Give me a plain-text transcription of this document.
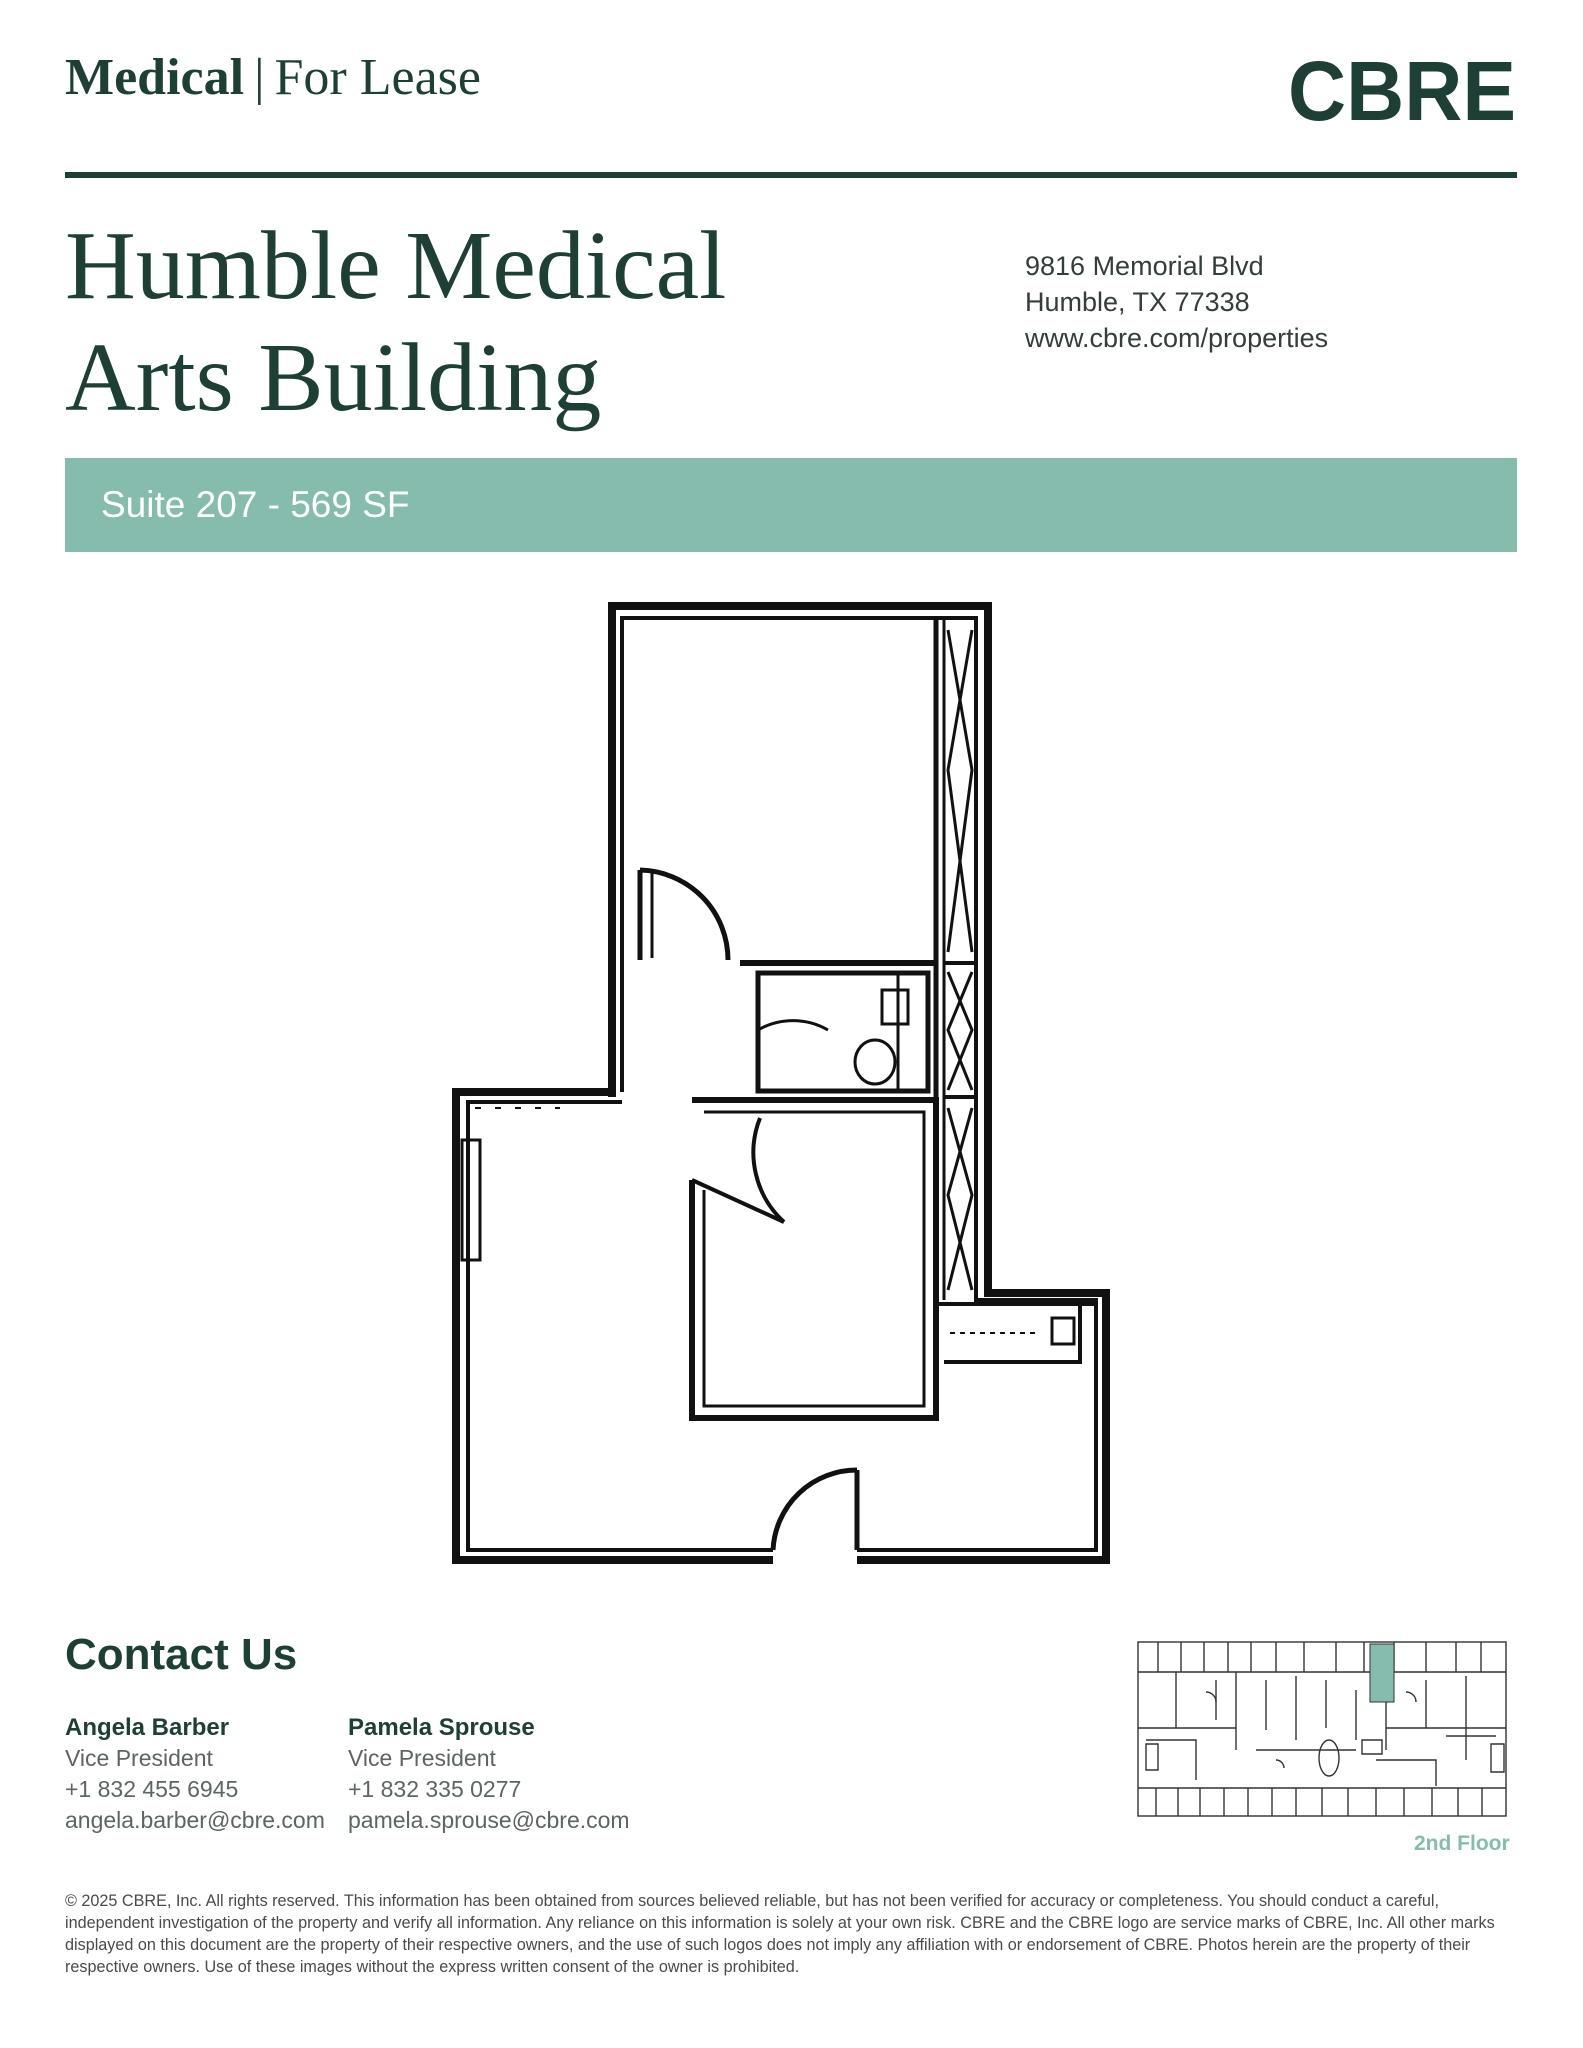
Medical | For Lease	CBRE
Humble Medical
Arts Building
9816 Memorial Blvd
Humble, TX 77338
www.cbre.com/properties
Suite 207 - 569 SF
Contact Us
Angela Barber
Vice President
+1 832 455 6945
angela.barber@cbre.com
Pamela Sprouse
Vice President
+1 832 335 0277
pamela.sprouse@cbre.com
2nd Floor
© 2025 CBRE, Inc. All rights reserved. This information has been obtained from sources believed reliable, but has not been verified for accuracy or completeness. You should conduct a careful, independent investigation of the property and verify all information. Any reliance on this information is solely at your own risk. CBRE and the CBRE logo are service marks of CBRE, Inc. All other marks displayed on this document are the property of their respective owners, and the use of such logos does not imply any affiliation with or endorsement of CBRE. Photos herein are the property of their respective owners. Use of these images without the express written consent of the owner is prohibited.
